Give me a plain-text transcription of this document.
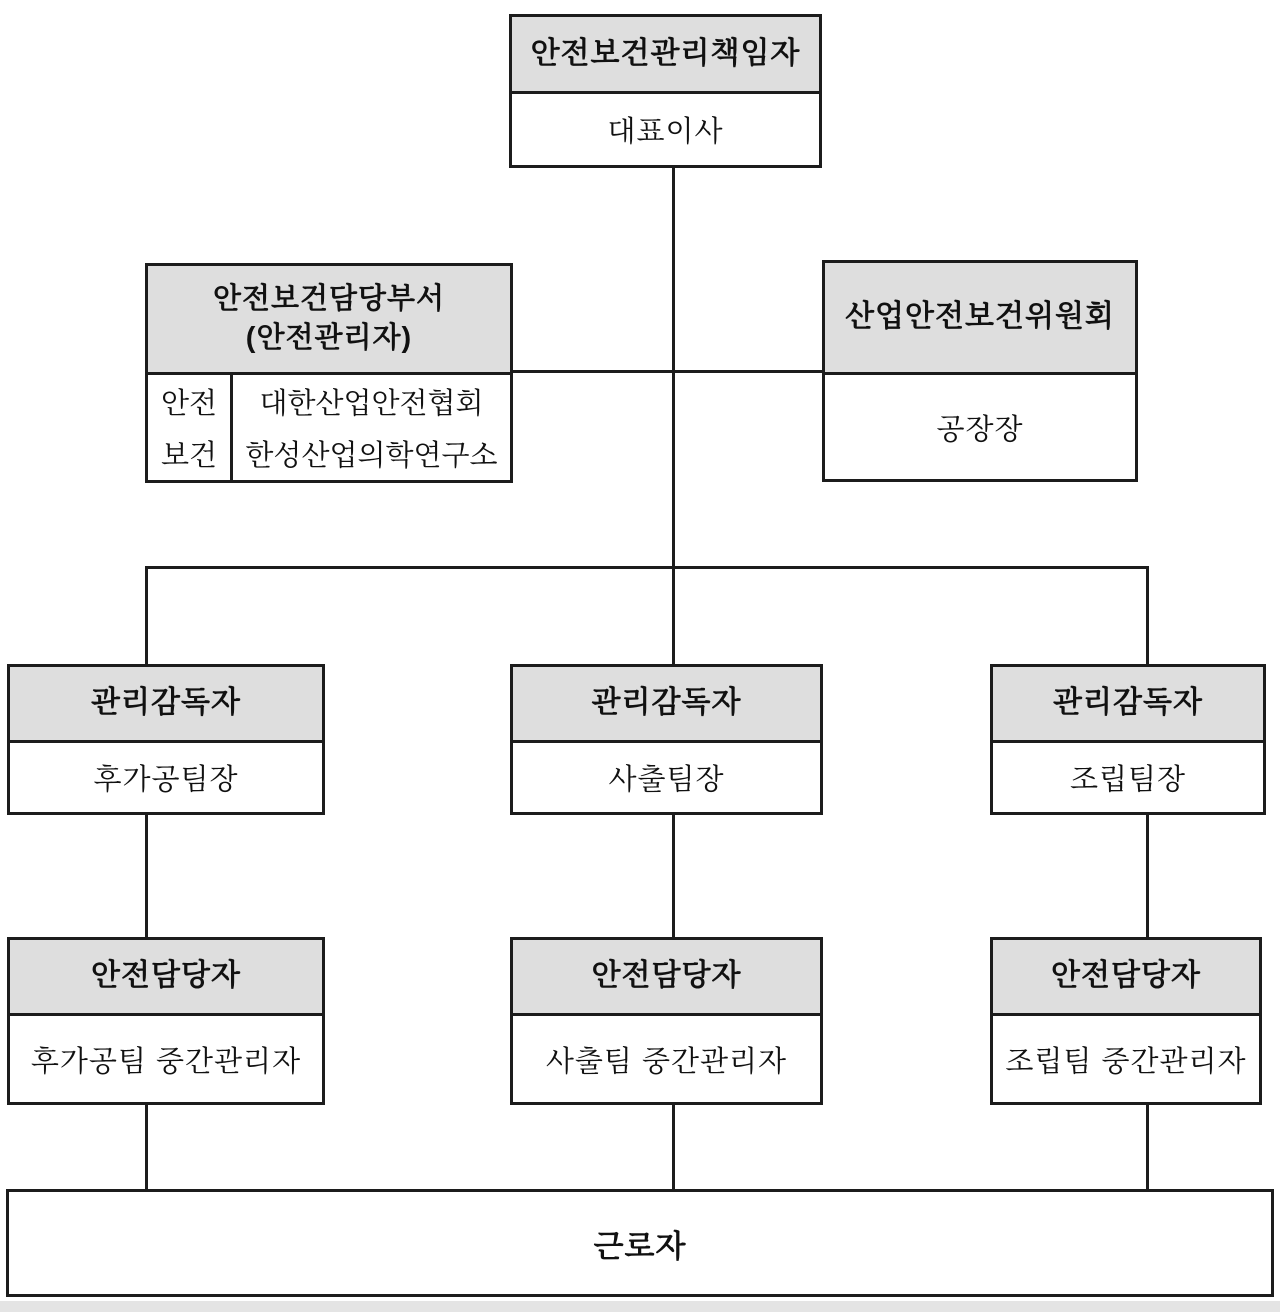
안전보건관리책임자
대표이사
안전보건담당부서
(안전관리자)
안전
보건
대한산업안전협회
한성산업의학연구소
산업안전보건위원회
공장장
관리감독자
후가공팀장
관리감독자
사출팀장
관리감독자
조립팀장
안전담당자
후가공팀 중간관리자
안전담당자
사출팀 중간관리자
안전담당자
조립팀 중간관리자
근로자
